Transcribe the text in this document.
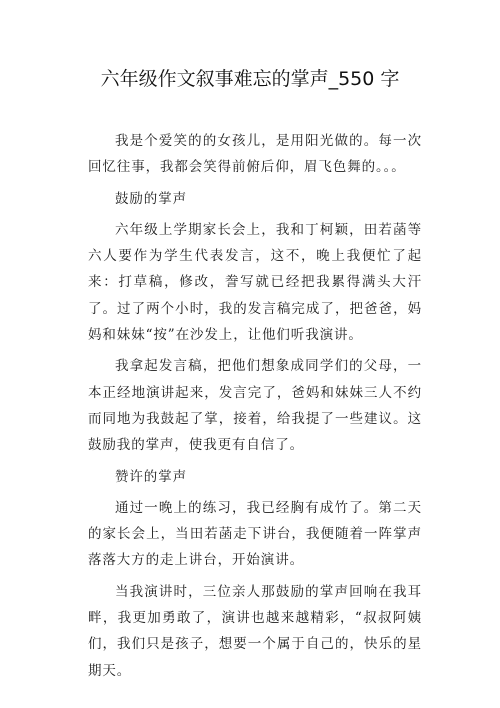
六年级作文叙事难忘的掌声_550 字

我是个爱笑的的女孩儿，是用阳光做的。每一次回忆往事，我都会笑得前俯后仰，眉飞色舞的。。。

鼓励的掌声

六年级上学期家长会上，我和丁柯颖，田若菡等六人要作为学生代表发言，这不，晚上我便忙了起来：打草稿，修改，誊写就已经把我累得满头大汗了。过了两个小时，我的发言稿完成了，把爸爸，妈妈和妹妹“按”在沙发上，让他们听我演讲。

我拿起发言稿，把他们想象成同学们的父母，一本正经地演讲起来，发言完了，爸妈和妹妹三人不约而同地为我鼓起了掌，接着，给我提了一些建议。这鼓励我的掌声，使我更有自信了。

赞许的掌声

通过一晚上的练习，我已经胸有成竹了。第二天的家长会上，当田若菡走下讲台，我便随着一阵掌声落落大方的走上讲台，开始演讲。

当我演讲时，三位亲人那鼓励的掌声回响在我耳畔，我更加勇敢了，演讲也越来越精彩，“叔叔阿姨们，我们只是孩子，想要一个属于自己的，快乐的星期天。
